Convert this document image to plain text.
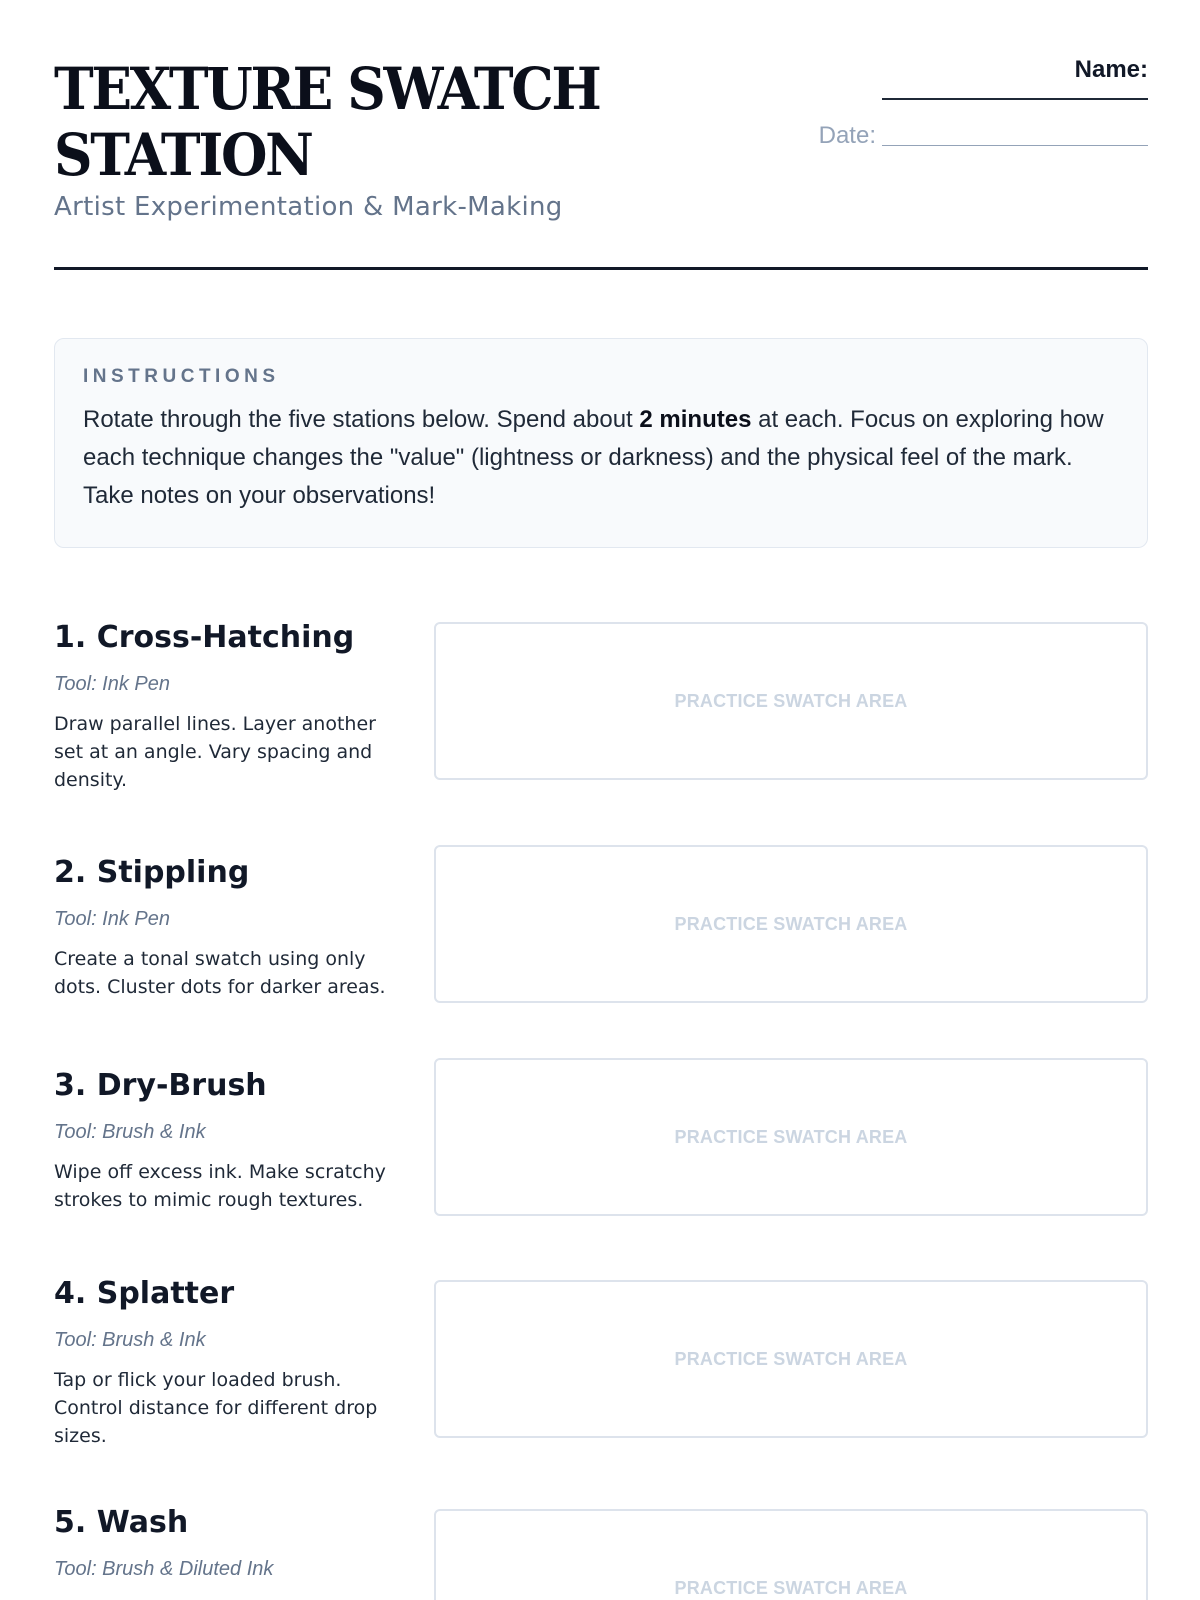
TEXTURE SWATCH STATION
Artist Experimentation & Mark-Making
Name:
Date:
INSTRUCTIONS

Rotate through the five stations below. Spend about 2 minutes at each. Focus on exploring how each technique changes the "value" (lightness or darkness) and the physical feel of the mark. Take notes on your observations!

1. Cross-Hatching
Tool: Ink Pen
Draw parallel lines. Layer another set at an angle. Vary spacing and density.
PRACTICE SWATCH AREA
2. Stippling
Tool: Ink Pen
Create a tonal swatch using only dots. Cluster dots for darker areas.
PRACTICE SWATCH AREA
3. Dry-Brush
Tool: Brush & Ink
Wipe off excess ink. Make scratchy strokes to mimic rough textures.
PRACTICE SWATCH AREA
4. Splatter
Tool: Brush & Ink
Tap or flick your loaded brush. Control distance for different drop sizes.
PRACTICE SWATCH AREA
5. Wash
Tool: Brush & Diluted Ink
PRACTICE SWATCH AREA
